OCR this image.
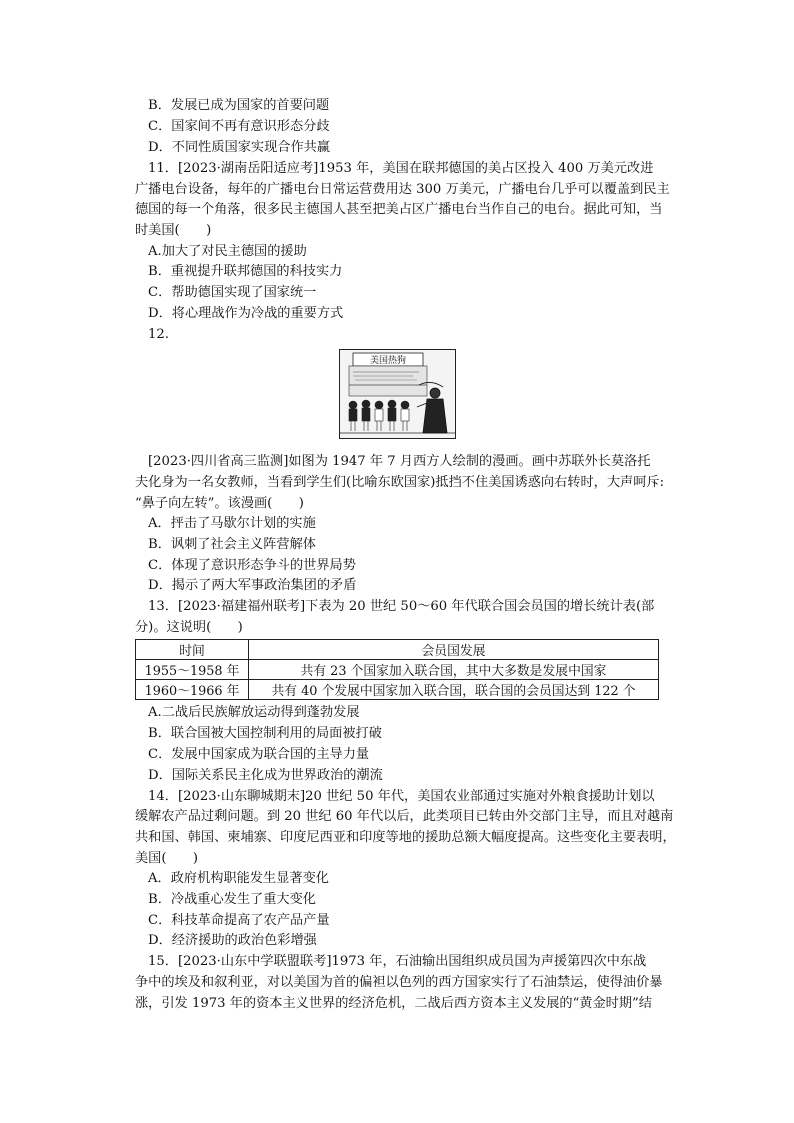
B．发展已成为国家的首要问题
C．国家间不再有意识形态分歧
D．不同性质国家实现合作共赢
11．[2023·湖南岳阳适应考]1953 年，美国在联邦德国的美占区投入 400 万美元改进
广播电台设备，每年的广播电台日常运营费用达 300 万美元，广播电台几乎可以覆盖到民主
德国的每一个角落，很多民主德国人甚至把美占区广播电台当作自己的电台。据此可知，当
时美国(　　)
A.加大了对民主德国的援助
B．重视提升联邦德国的科技实力
C．帮助德国实现了国家统一
D．将心理战作为冷战的重要方式
12.
美国热狗
[2023·四川省高三监测]如图为 1947 年 7 月西方人绘制的漫画。画中苏联外长莫洛托
夫化身为一名女教师，当看到学生们(比喻东欧国家)抵挡不住美国诱惑向右转时，大声呵斥:
“鼻子向左转”。该漫画(　　)
A．抨击了马歇尔计划的实施
B．讽刺了社会主义阵营解体
C．体现了意识形态争斗的世界局势
D．揭示了两大军事政治集团的矛盾
13．[2023·福建福州联考]下表为 20 世纪 50～60 年代联合国会员国的增长统计表(部
分)。这说明(　　)
时间	会员国发展
1955～1958 年	共有 23 个国家加入联合国，其中大多数是发展中国家
1960～1966 年	共有 40 个发展中国家加入联合国，联合国的会员国达到 122 个
A.二战后民族解放运动得到蓬勃发展
B．联合国被大国控制利用的局面被打破
C．发展中国家成为联合国的主导力量
D．国际关系民主化成为世界政治的潮流
14．[2023·山东聊城期末]20 世纪 50 年代，美国农业部通过实施对外粮食援助计划以
缓解农产品过剩问题。到 20 世纪 60 年代以后，此类项目已转由外交部门主导，而且对越南
共和国、韩国、柬埔寨、印度尼西亚和印度等地的援助总额大幅度提高。这些变化主要表明，
美国(　　)
A．政府机构职能发生显著变化
B．冷战重心发生了重大变化
C．科技革命提高了农产品产量
D．经济援助的政治色彩增强
15．[2023·山东中学联盟联考]1973 年，石油输出国组织成员国为声援第四次中东战
争中的埃及和叙利亚，对以美国为首的偏袒以色列的西方国家实行了石油禁运，使得油价暴
涨，引发 1973 年的资本主义世界的经济危机，二战后西方资本主义发展的“黄金时期”结
